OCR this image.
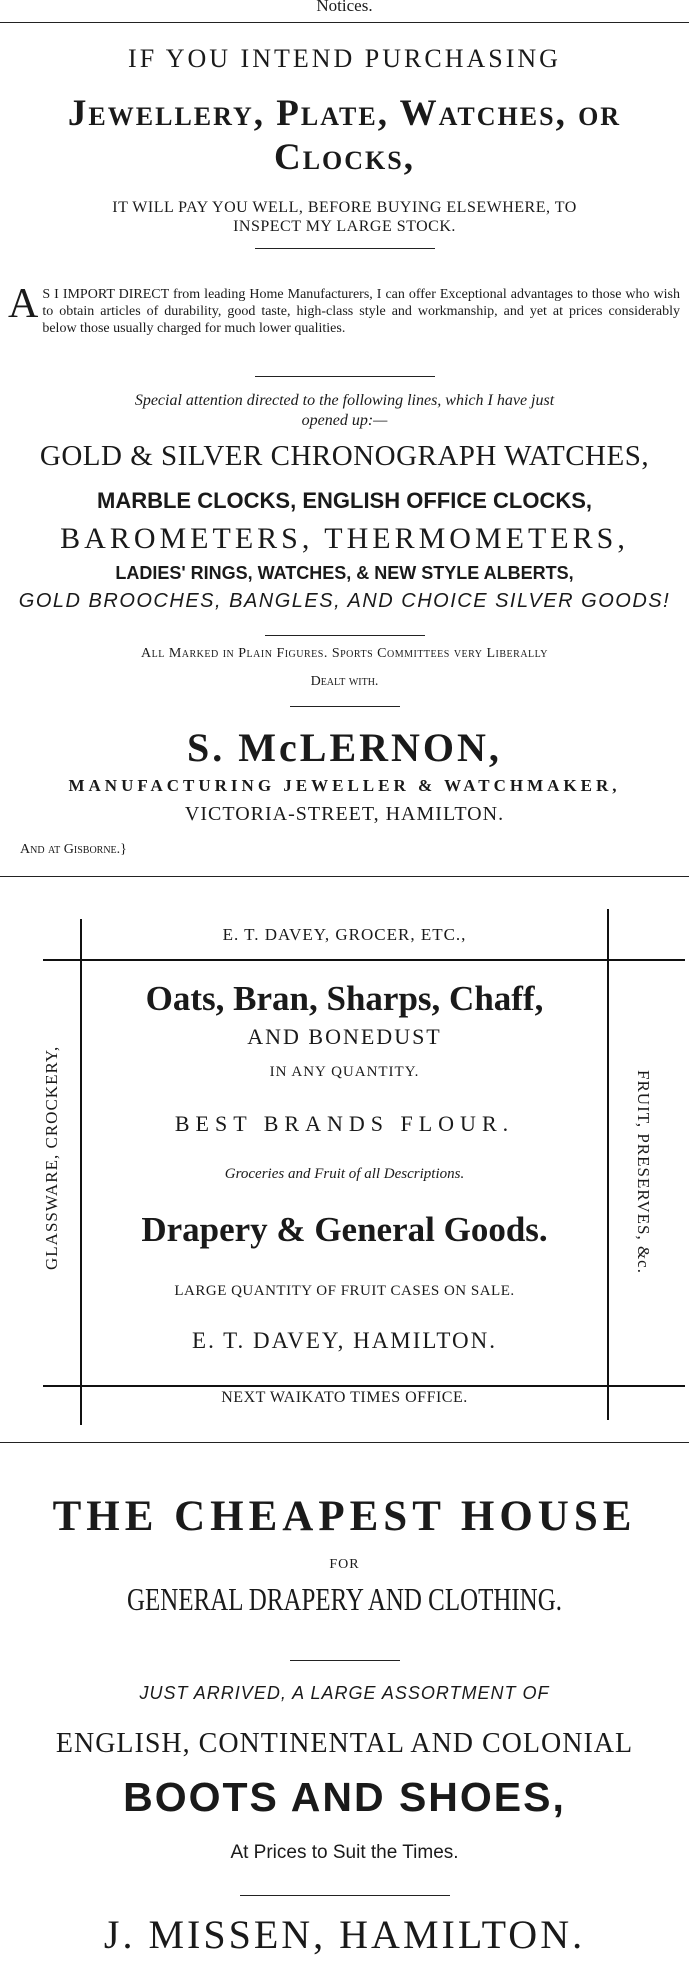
Notices.
IF YOU INTEND PURCHASING
Jewellery, Plate, Watches, or
Clocks,
IT WILL PAY YOU WELL, BEFORE BUYING ELSEWHERE, TO
INSPECT MY LARGE STOCK.
A S I IMPORT DIRECT from leading Home Manufacturers, I can offer Exceptional advantages to those who wish to obtain articles of durability, good taste, high-class style and workmanship, and yet at prices considerably below those usually charged for much lower qualities.
Special attention directed to the following lines, which I have just
opened up:—
GOLD & SILVER CHRONOGRAPH WATCHES,
MARBLE CLOCKS, ENGLISH OFFICE CLOCKS,
BAROMETERS, THERMOMETERS,
LADIES' RINGS, WATCHES, & NEW STYLE ALBERTS,
GOLD BROOCHES, BANGLES, AND CHOICE SILVER GOODS!
All Marked in Plain Figures. Sports Committees very Liberally
Dealt with.
S. McLERNON,
MANUFACTURING JEWELLER & WATCHMAKER,
VICTORIA-STREET, HAMILTON.
And at Gisborne.}
E. T. DAVEY, GROCER, ETC.,
GLASSWARE, CROCKERY,	FRUIT, PRESERVES, &c.
Oats, Bran, Sharps, Chaff,
AND BONEDUST
IN ANY QUANTITY.
BEST BRANDS FLOUR.
Groceries and Fruit of all Descriptions.
Drapery & General Goods.
LARGE QUANTITY OF FRUIT CASES ON SALE.
E. T. DAVEY, HAMILTON.
NEXT WAIKATO TIMES OFFICE.
THE CHEAPEST HOUSE
FOR
GENERAL DRAPERY AND CLOTHING.
JUST ARRIVED, A LARGE ASSORTMENT OF
ENGLISH, CONTINENTAL AND COLONIAL
BOOTS AND SHOES,
At Prices to Suit the Times.
J. MISSEN, HAMILTON.
